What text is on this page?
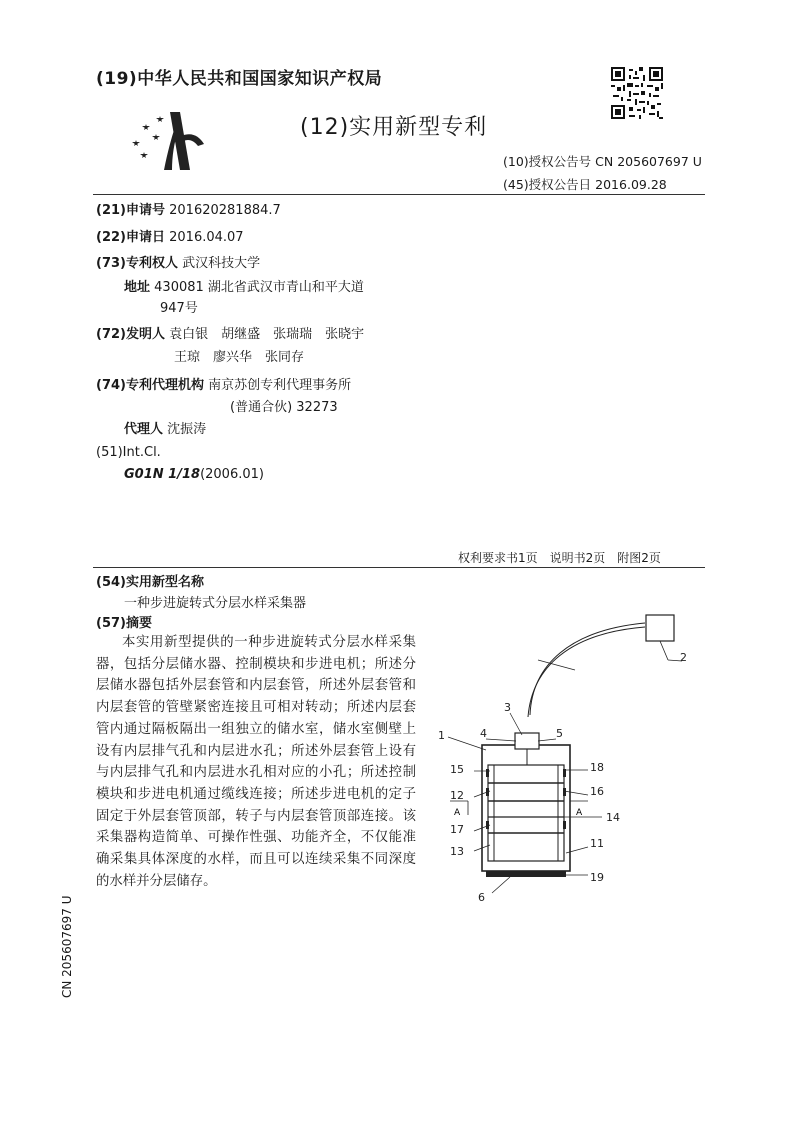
(19)中华人民共和国国家知识产权局
(12)实用新型专利
(10)授权公告号 CN 205607697 U
(45)授权公告日 2016.09.28
(21)申请号 201620281884.7
(22)申请日 2016.04.07
(73)专利权人 武汉科技大学
地址 430081 湖北省武汉市青山和平大道
947号
(72)发明人 袁白银　胡继盛　张瑞瑞　张晓宇
王琼　廖兴华　张同存
(74)专利代理机构 南京苏创专利代理事务所
(普通合伙) 32273
代理人 沈振涛
(51)Int.Cl.
G01N 1/18(2006.01)
权利要求书1页　说明书2页　附图2页
(54)实用新型名称
一种步进旋转式分层水样采集器
(57)摘要
本实用新型提供的一种步进旋转式分层水样采集器，包括分层储水器、控制模块和步进电机；所述分层储水器包括外层套管和内层套管，所述外层套管和内层套管的管壁紧密连接且可相对转动；所述内层套管内通过隔板隔出一组独立的储水室，储水室侧壁上设有内层排气孔和内层进水孔；所述外层套管上设有与内层排气孔和内层进水孔相对应的小孔；所述控制模块和步进电机通过缆线连接；所述步进电机的定子固定于外层套管顶部，转子与内层套管顶部连接。该采集器构造简单、可操作性强、功能齐全，不仅能准确采集具体深度的水样，而且可以连续采集不同深度的水样并分层储存。
CN 205607697 U
A	A
1
2
3
4	5
6
11
12
13
14
15
16
17
18
19
